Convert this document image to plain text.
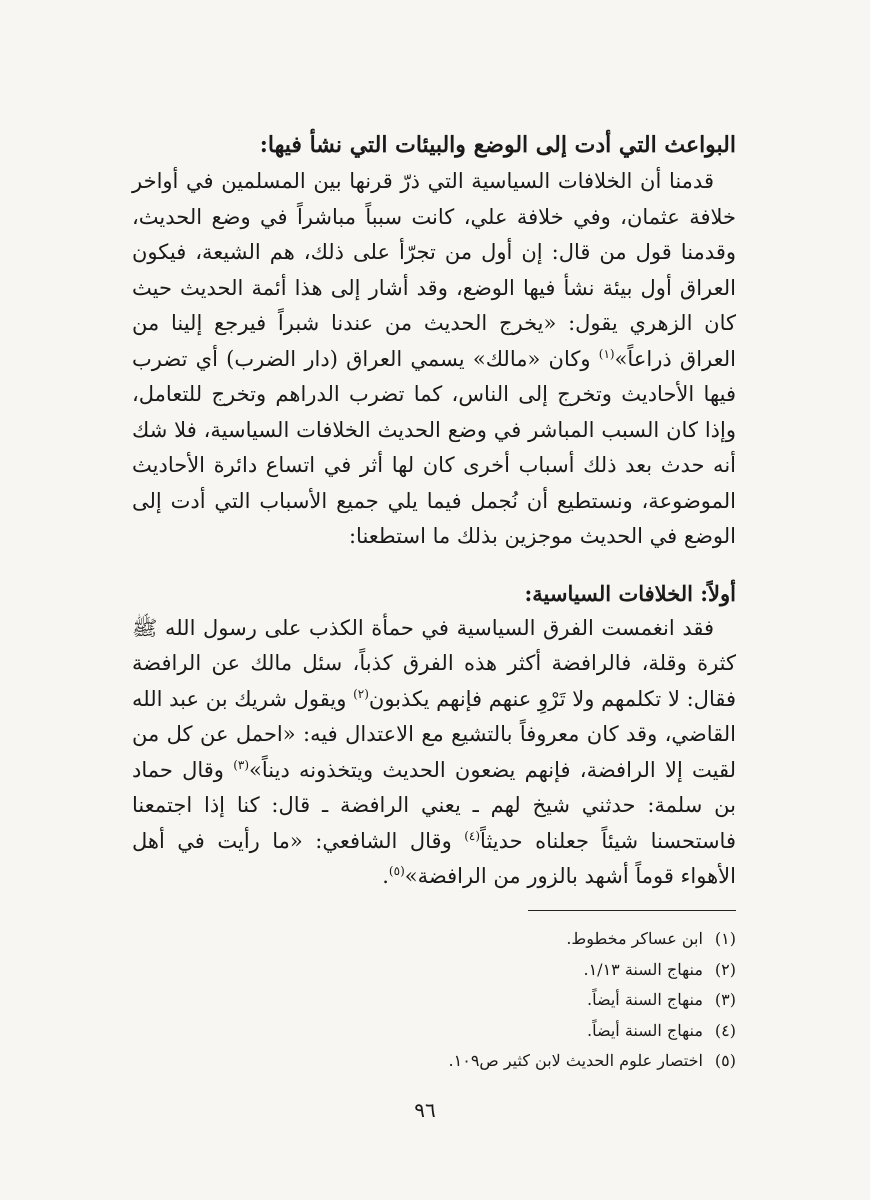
البواعث التي أدت إلى الوضع والبيئات التي نشأ فيها:

قدمنا أن الخلافات السياسية التي ذرّ قرنها بين المسلمين في أواخر خلافة عثمان، وفي خلافة علي، كانت سبباً مباشراً في وضع الحديث، وقدمنا قول من قال: إن أول من تجرّأ على ذلك، هم الشيعة، فيكون العراق أول بيئة نشأ فيها الوضع، وقد أشار إلى هذا أئمة الحديث حيث كان الزهري يقول: «يخرج الحديث من عندنا شبراً فيرجع إلينا من العراق ذراعاً»$^{(١)}$ وكان «مالك» يسمي العراق (دار الضرب) أي تضرب فيها الأحاديث وتخرج إلى الناس، كما تضرب الدراهم وتخرج للتعامل، وإذا كان السبب المباشر في وضع الحديث الخلافات السياسية، فلا شك أنه حدث بعد ذلك أسباب أخرى كان لها أثر في اتساع دائرة الأحاديث الموضوعة، ونستطيع أن نُجمل فيما يلي جميع الأسباب التي أدت إلى الوضع في الحديث موجزين بذلك ما استطعنا:

أولاً: الخلافات السياسية:

فقد انغمست الفرق السياسية في حمأة الكذب على رسول الله ﷺ كثرة وقلة، فالرافضة أكثر هذه الفرق كذباً، سئل مالك عن الرافضة فقال: لا تكلمهم ولا تَرْوِ عنهم فإنهم يكذبون$^{(٢)}$ ويقول شريك بن عبد الله القاضي، وقد كان معروفاً بالتشيع مع الاعتدال فيه: «احمل عن كل من لقيت إلا الرافضة، فإنهم يضعون الحديث ويتخذونه ديناً»$^{(٣)}$ وقال حماد بن سلمة: حدثني شيخ لهم ـ يعني الرافضة ـ قال: كنا إذا اجتمعنا فاستحسنا شيئاً جعلناه حديثاً$^{(٤)}$ وقال الشافعي: «ما رأيت في أهل الأهواء قوماً أشهد بالزور من الرافضة»$^{(٥)}$.

(١)ابن عساكر مخطوط.
(٢)منهاج السنة ١/١٣.
(٣)منهاج السنة أيضاً.
(٤)منهاج السنة أيضاً.
(٥)اختصار علوم الحديث لابن كثير ص١٠٩.
٩٦
